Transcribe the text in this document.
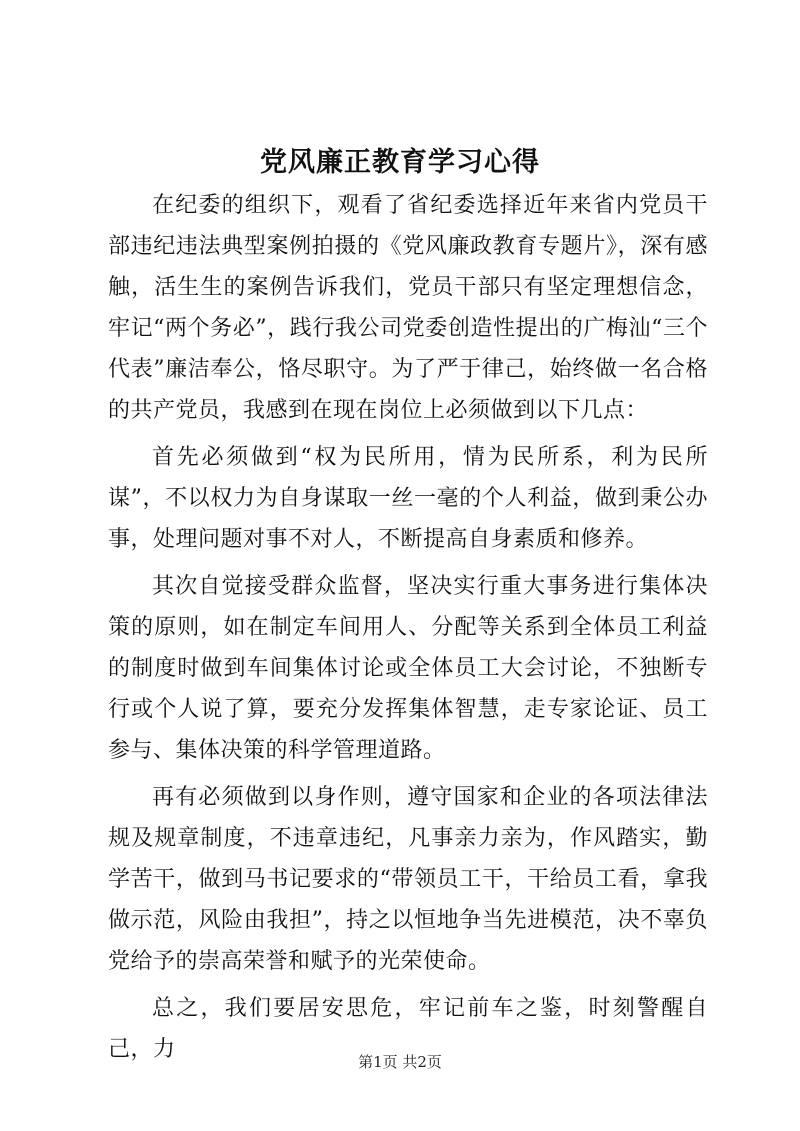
党风廉正教育学习心得

在纪委的组织下，观看了省纪委选择近年来省内党员干部违纪违法典型案例拍摄的《党风廉政教育专题片》，深有感触，活生生的案例告诉我们，党员干部只有坚定理想信念，牢记“两个务必”，践行我公司党委创造性提出的广梅汕“三个代表”廉洁奉公，恪尽职守。为了严于律己，始终做一名合格的共产党员，我感到在现在岗位上必须做到以下几点：

首先必须做到“权为民所用，情为民所系，利为民所谋”，不以权力为自身谋取一丝一毫的个人利益，做到秉公办事，处理问题对事不对人，不断提高自身素质和修养。

其次自觉接受群众监督，坚决实行重大事务进行集体决策的原则，如在制定车间用人、分配等关系到全体员工利益的制度时做到车间集体讨论或全体员工大会讨论，不独断专行或个人说了算，要充分发挥集体智慧，走专家论证、员工参与、集体决策的科学管理道路。

再有必须做到以身作则，遵守国家和企业的各项法律法规及规章制度，不违章违纪，凡事亲力亲为，作风踏实，勤学苦干，做到马书记要求的“带领员工干，干给员工看，拿我做示范，风险由我担”，持之以恒地争当先进模范，决不辜负党给予的崇高荣誉和赋予的光荣使命。

总之，我们要居安思危，牢记前车之鉴，时刻警醒自己，力	第1页 共2页
